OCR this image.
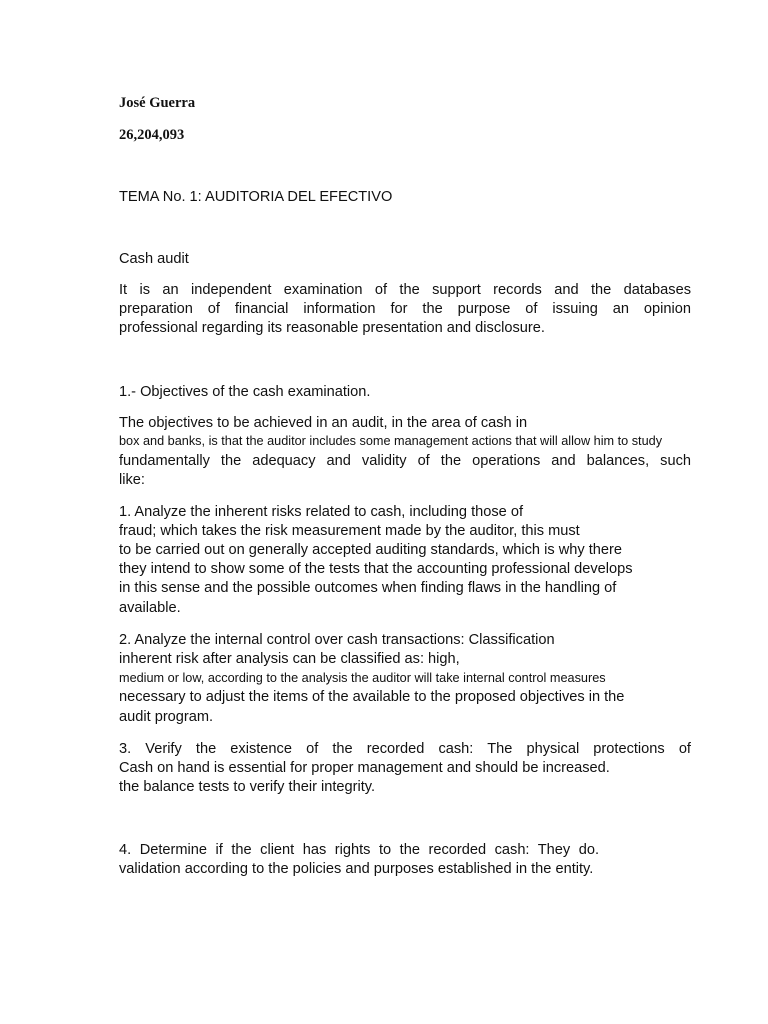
José Guerra

26,204,093

TEMA No. 1: AUDITORIA DEL EFECTIVO

Cash audit

It is an independent examination of the support records and the databases

preparation of financial information for the purpose of issuing an opinion

professional regarding its reasonable presentation and disclosure.

1.- Objectives of the cash examination.

The objectives to be achieved in an audit, in the area of cash in

box and banks, is that the auditor includes some management actions that will allow him to study

fundamentally the adequacy and validity of the operations and balances, such

like:

1. Analyze the inherent risks related to cash, including those of

fraud; which takes the risk measurement made by the auditor, this must

to be carried out on generally accepted auditing standards, which is why there

they intend to show some of the tests that the accounting professional develops

in this sense and the possible outcomes when finding flaws in the handling of

available.

2. Analyze the internal control over cash transactions: Classification

inherent risk after analysis can be classified as: high,

medium or low, according to the analysis the auditor will take internal control measures

necessary to adjust the items of the available to the proposed objectives in the

audit program.

3. Verify the existence of the recorded cash: The physical protections of

Cash on hand is essential for proper management and should be increased.

the balance tests to verify their integrity.

4. Determine if the client has rights to the recorded cash: They do.

validation according to the policies and purposes established in the entity.
